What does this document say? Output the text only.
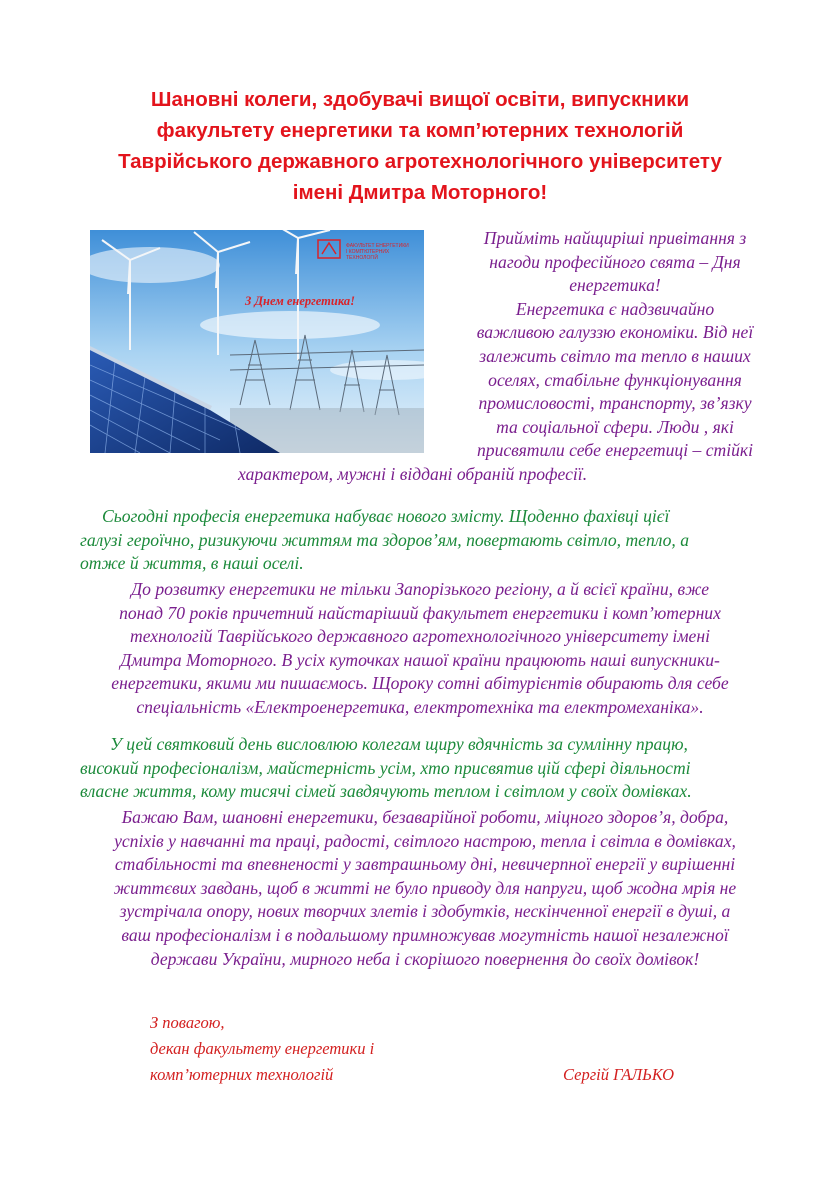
Шановні колеги, здобувачі вищої освіти, випускники
факультету енергетики та комп’ютерних технологій
Таврійського державного агротехнологічного університету
імені Дмитра Моторного!
ФАКУЛЬТЕТ ЕНЕРГЕТИКИ
І КОМП'ЮТЕРНИХ ТЕХНОЛОГІЙ
З Днем енергетика!

Прийміть найщиріші привітання з
нагоди професійного свята – Дня
енергетика!
Енергетика є надзвичайно
важливою галуззю економіки. Від неї
залежить світло та тепло в наших
оселях, стабільне функціонування
промисловості, транспорту, зв’язку
та соціальної сфери. Люди , які
присвятили себе енергетиці – стійкі

характером, мужні і віддані обраній професії.

Сьогодні професія енергетика набуває нового змісту. Щоденно фахівці цієї
галузі героїчно, ризикуючи життям та здоров’ям, повертають світло, тепло, а
отже й життя, в наші оселі.

До розвитку енергетики не тільки Запорізького регіону, а й всієї країни, вже
понад 70 років причетний найстаріший факультет енергетики і комп’ютерних
технологій Таврійського державного агротехнологічного університету імені
Дмитра Моторного. В усіх куточках нашої країни працюють наші випускники-
енергетики, якими ми пишаємось. Щороку сотні абітурієнтів обирають для себе
спеціальність «Електроенергетика, електротехніка та електромеханіка».

У цей святковий день висловлюю колегам щиру вдячність за сумлінну працю,
високий професіоналізм, майстерність усім, хто присвятив цій сфері діяльності
власне життя, кому тисячі сімей завдячують теплом і світлом у своїх домівках.

Бажаю Вам, шановні енергетики, безаварійної роботи, міцного здоров’я, добра,
успіхів у навчанні та праці, радості, світлого настрою, тепла і світла в домівках,
стабільності та впевненості у завтрашньому дні, невичерпної енергії у вирішенні
життєвих завдань, щоб в житті не було приводу для напруги, щоб жодна мрія не
зустрічала опору, нових творчих злетів і здобутків, нескінченної енергії в душі, а
ваш професіоналізм і в подальшому примножував могутність нашої незалежної
держави України, мирного неба і скорішого повернення до своїх домівок!

З повагою,
декан факультету енергетики і
комп’ютерних технологій	Сергій ГАЛЬКО
